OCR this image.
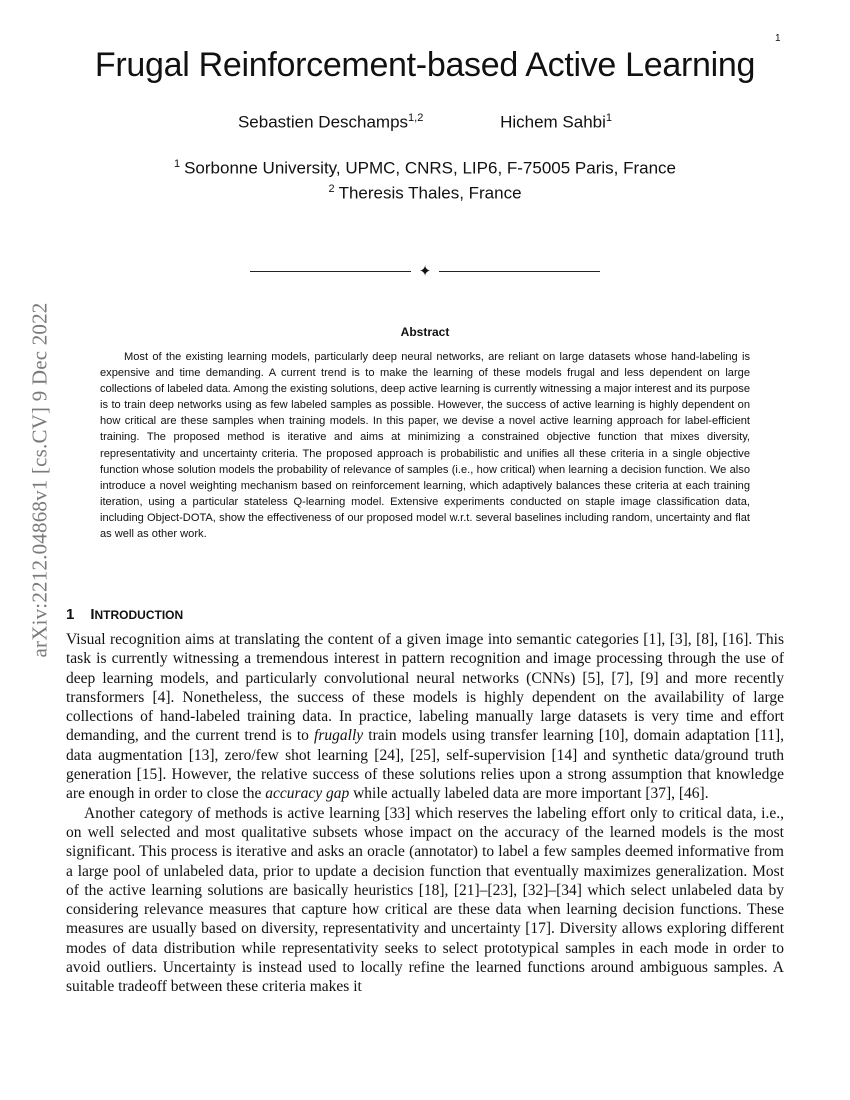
1
arXiv:2212.04868v1 [cs.CV] 9 Dec 2022
Frugal Reinforcement-based Active Learning
Sebastien Deschamps$^{1,2}$	Hichem Sahbi$^1$
$^1$ Sorbonne University, UPMC, CNRS, LIP6, F-75005 Paris, France
$^2$ Theresis Thales, France
✦
Abstract
Most of the existing learning models, particularly deep neural networks, are reliant on large datasets whose hand-labeling is expensive and time demanding. A current trend is to make the learning of these models frugal and less dependent on large collections of labeled data. Among the existing solutions, deep active learning is currently witnessing a major interest and its purpose is to train deep networks using as few labeled samples as possible. However, the success of active learning is highly dependent on how critical are these samples when training models. In this paper, we devise a novel active learning approach for label-efficient training. The proposed method is iterative and aims at minimizing a constrained objective function that mixes diversity, representativity and uncertainty criteria. The proposed approach is probabilistic and unifies all these criteria in a single objective function whose solution models the probability of relevance of samples (i.e., how critical) when learning a decision function. We also introduce a novel weighting mechanism based on reinforcement learning, which adaptively balances these criteria at each training iteration, using a particular stateless Q-learning model. Extensive experiments conducted on staple image classification data, including Object-DOTA, show the effectiveness of our proposed model w.r.t. several baselines including random, uncertainty and flat as well as other work.
1 INTRODUCTION

Visual recognition aims at translating the content of a given image into semantic categories [1], [3], [8], [16]. This task is currently witnessing a tremendous interest in pattern recognition and image processing through the use of deep learning models, and particularly convolutional neural networks (CNNs) [5], [7], [9] and more recently transformers [4]. Nonetheless, the success of these models is highly dependent on the availability of large collections of hand-labeled training data. In practice, labeling manually large datasets is very time and effort demanding, and the current trend is to frugally train models using transfer learning [10], domain adaptation [11], data augmentation [13], zero/few shot learning [24], [25], self-supervision [14] and synthetic data/ground truth generation [15]. However, the relative success of these solutions relies upon a strong assumption that knowledge are enough in order to close the accuracy gap while actually labeled data are more important [37], [46].

Another category of methods is active learning [33] which reserves the labeling effort only to critical data, i.e., on well selected and most qualitative subsets whose impact on the accuracy of the learned models is the most significant. This process is iterative and asks an oracle (annotator) to label a few samples deemed informative from a large pool of unlabeled data, prior to update a decision function that eventually maximizes generalization. Most of the active learning solutions are basically heuristics [18], [21]–[23], [32]–[34] which select unlabeled data by considering relevance measures that capture how critical are these data when learning decision functions. These measures are usually based on diversity, representativity and uncertainty [17]. Diversity allows exploring different modes of data distribution while representativity seeks to select prototypical samples in each mode in order to avoid outliers. Uncertainty is instead used to locally refine the learned functions around ambiguous samples. A suitable tradeoff between these criteria makes it
